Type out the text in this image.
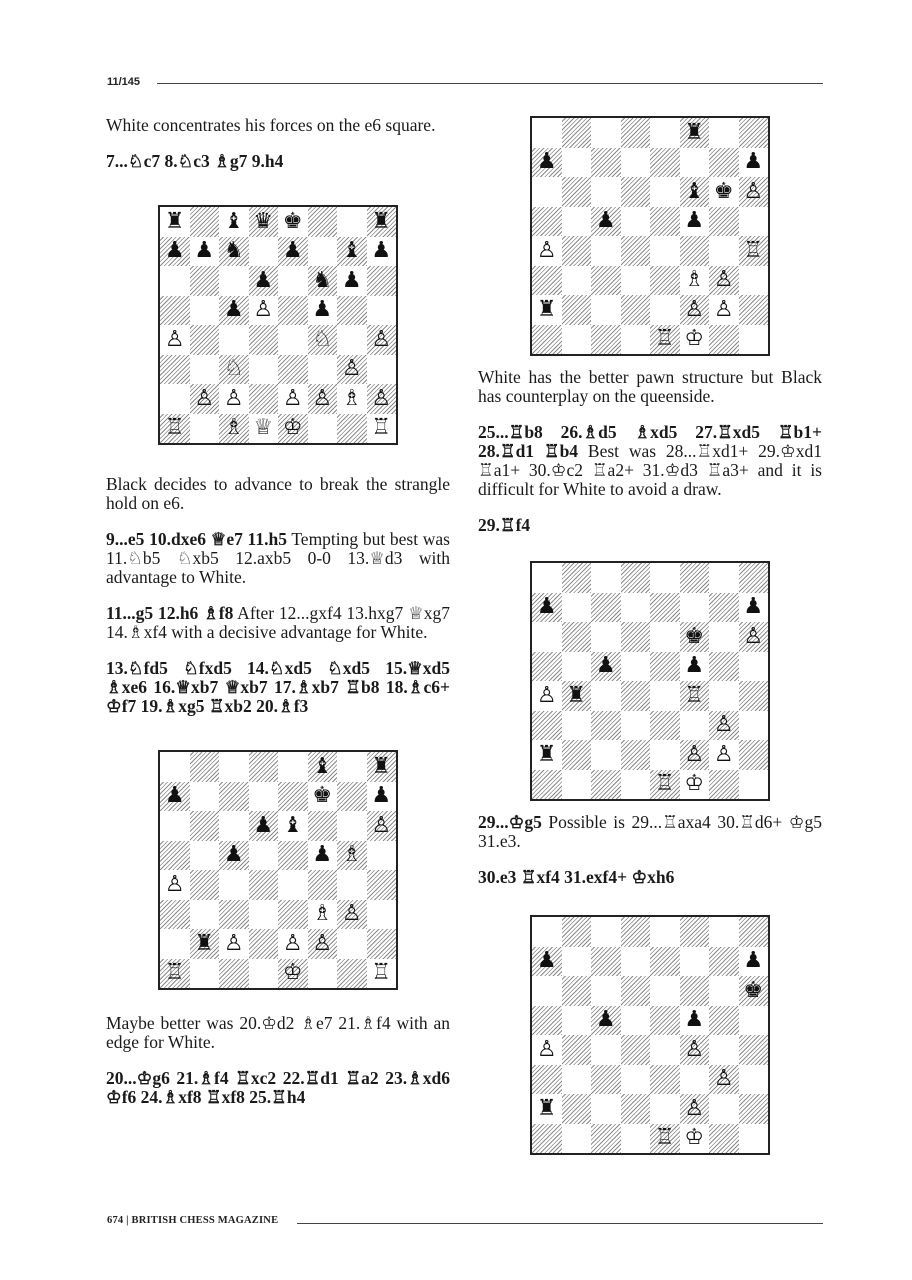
11/145

White concentrates his forces on the e6 square.

7...♘c7 8.♘c3 ♗g7 9.h4

♜ ♝ ♛ ♚	♜
♟ ♟ ♞ ♟ ♝ ♟
♟ ♞ ♟
♟ ♙ ♟
♙	♘ ♙
♘	♙
♙ ♙ ♙ ♙ ♗ ♙
♖ ♗ ♕ ♔	♖

Black decides to advance to break the strangle hold on e6.

9...e5 10.dxe6 ♕e7 11.h5 Tempting but best was 11.♘b5 ♘xb5 12.axb5 0-0 13.♕d3 with advantage to White.

11...g5 12.h6 ♗f8 After 12...gxf4 13.hxg7 ♕xg7 14.♗xf4 with a decisive advantage for White.

13.♘fd5 ♘fxd5 14.♘xd5 ♘xd5 15.♕xd5 ♗xe6 16.♕xb7 ♕xb7 17.♗xb7 ♖b8 18.♗c6+ ♔f7 19.♗xg5 ♖xb2 20.♗f3

♝ ♜
♟	♚ ♟
♟ ♝	♙
♟	♟ ♗
♙
♗ ♙
♜ ♙ ♙ ♙
♖	♔	♖

Maybe better was 20.♔d2 ♗e7 21.♗f4 with an edge for White.

20...♔g6 21.♗f4 ♖xc2 22.♖d1 ♖a2 23.♗xd6 ♔f6 24.♗xf8 ♖xf8 25.♖h4

♜
♟	♟
♝ ♚ ♙
♟	♟
♙	♖
♗ ♙
♜	♙ ♙
♖ ♔

White has the better pawn structure but Black has counterplay on the queenside.

25...♖b8 26.♗d5 ♗xd5 27.♖xd5 ♖b1+ 28.♖d1 ♖b4 Best was 28...♖xd1+ 29.♔xd1 ♖a1+ 30.♔c2 ♖a2+ 31.♔d3 ♖a3+ and it is difficult for White to avoid a draw.

29.♖f4

♟	♟
♚ ♙
♟	♟
♙ ♜	♖
♙
♜	♙ ♙
♖ ♔

29...♔g5 Possible is 29...♖axa4 30.♖d6+ ♔g5 31.e3.

30.e3 ♖xf4 31.exf4+ ♔xh6

♟	♟
♚
♟	♟
♙	♙
♙
♜	♙
♖ ♔
674 | BRITISH CHESS MAGAZINE
